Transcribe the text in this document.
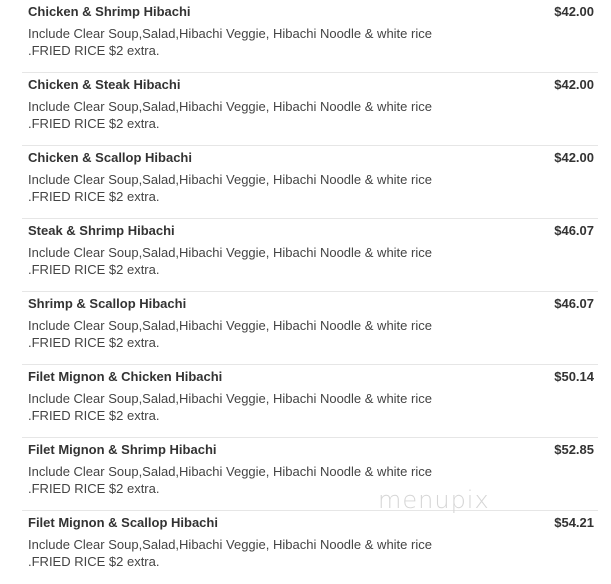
Chicken & Shrimp Hibachi	$42.00
Include Clear Soup,Salad,Hibachi Veggie, Hibachi Noodle & white rice .FRIED RICE $2 extra.
Chicken & Steak Hibachi	$42.00
Include Clear Soup,Salad,Hibachi Veggie, Hibachi Noodle & white rice .FRIED RICE $2 extra.
Chicken & Scallop Hibachi	$42.00
Include Clear Soup,Salad,Hibachi Veggie, Hibachi Noodle & white rice .FRIED RICE $2 extra.
Steak & Shrimp Hibachi	$46.07
Include Clear Soup,Salad,Hibachi Veggie, Hibachi Noodle & white rice .FRIED RICE $2 extra.
Shrimp & Scallop Hibachi	$46.07
Include Clear Soup,Salad,Hibachi Veggie, Hibachi Noodle & white rice .FRIED RICE $2 extra.
Filet Mignon & Chicken Hibachi	$50.14
Include Clear Soup,Salad,Hibachi Veggie, Hibachi Noodle & white rice .FRIED RICE $2 extra.
Filet Mignon & Shrimp Hibachi	$52.85
Include Clear Soup,Salad,Hibachi Veggie, Hibachi Noodle & white rice .FRIED RICE $2 extra.
Filet Mignon & Scallop Hibachi	$54.21
Include Clear Soup,Salad,Hibachi Veggie, Hibachi Noodle & white rice .FRIED RICE $2 extra.
menupix
